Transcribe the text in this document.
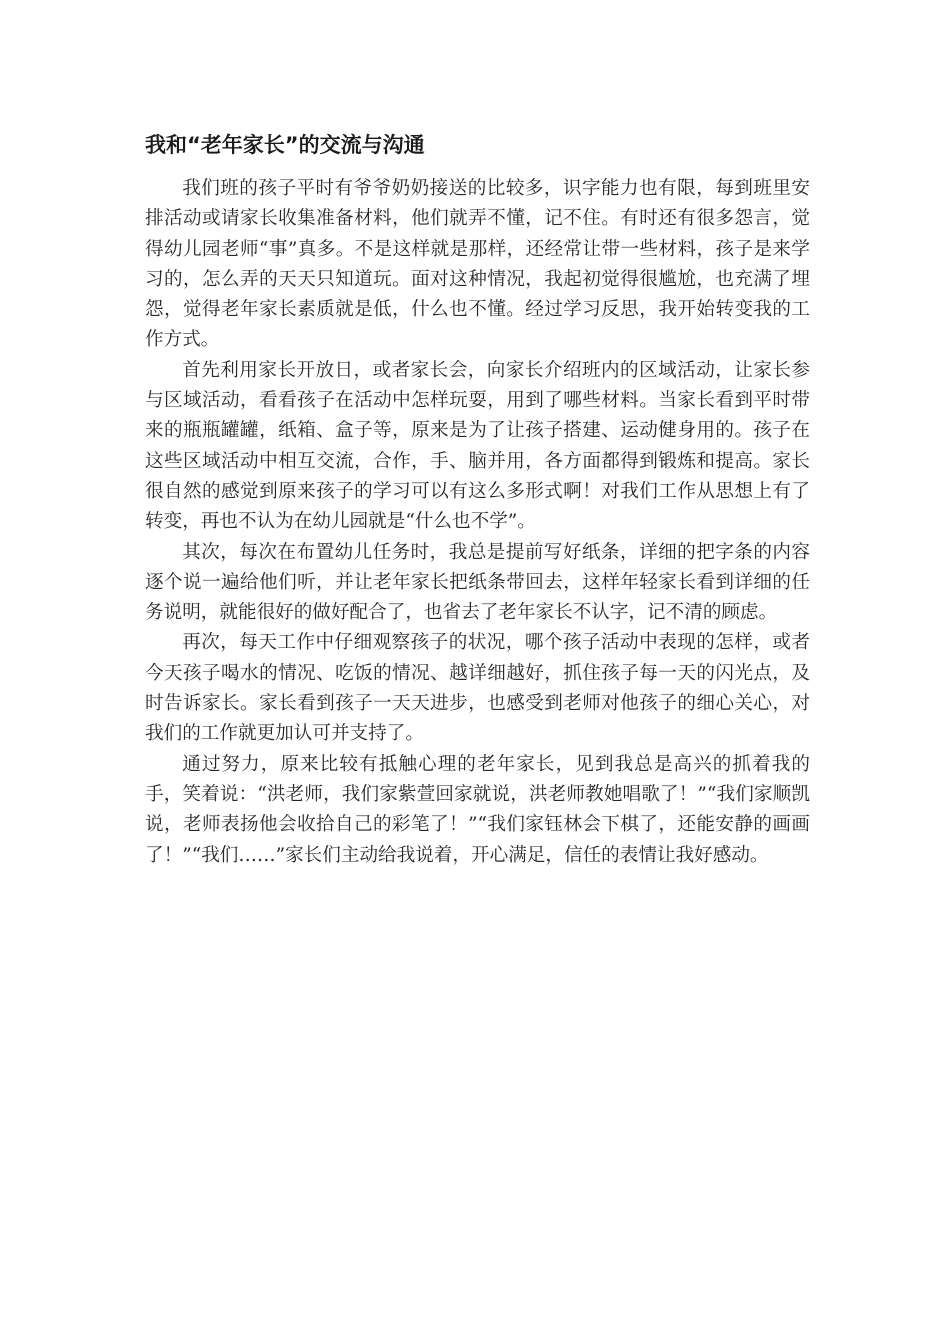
我和“老年家长”的交流与沟通

我们班的孩子平时有爷爷奶奶接送的比较多，识字能力也有限，每到班里安排活动或请家长收集准备材料，他们就弄不懂，记不住。有时还有很多怨言，觉得幼儿园老师“事”真多。不是这样就是那样，还经常让带一些材料，孩子是来学习的，怎么弄的天天只知道玩。面对这种情况，我起初觉得很尴尬，也充满了埋怨，觉得老年家长素质就是低，什么也不懂。经过学习反思，我开始转变我的工作方式。

首先利用家长开放日，或者家长会，向家长介绍班内的区域活动，让家长参与区域活动，看看孩子在活动中怎样玩耍，用到了哪些材料。当家长看到平时带来的瓶瓶罐罐，纸箱、盒子等，原来是为了让孩子搭建、运动健身用的。孩子在这些区域活动中相互交流，合作，手、脑并用，各方面都得到锻炼和提高。家长很自然的感觉到原来孩子的学习可以有这么多形式啊！对我们工作从思想上有了转变，再也不认为在幼儿园就是“什么也不学”。

其次，每次在布置幼儿任务时，我总是提前写好纸条，详细的把字条的内容逐个说一遍给他们听，并让老年家长把纸条带回去，这样年轻家长看到详细的任务说明，就能很好的做好配合了，也省去了老年家长不认字，记不清的顾虑。

再次，每天工作中仔细观察孩子的状况，哪个孩子活动中表现的怎样，或者今天孩子喝水的情况、吃饭的情况、越详细越好，抓住孩子每一天的闪光点，及时告诉家长。家长看到孩子一天天进步，也感受到老师对他孩子的细心关心，对我们的工作就更加认可并支持了。

通过努力，原来比较有抵触心理的老年家长，见到我总是高兴的抓着我的手，笑着说：“洪老师，我们家紫萱回家就说，洪老师教她唱歌了！”“我们家顺凯说，老师表扬他会收拾自己的彩笔了！”“我们家钰林会下棋了，还能安静的画画了！”“我们……”家长们主动给我说着，开心满足，信任的表情让我好感动。
